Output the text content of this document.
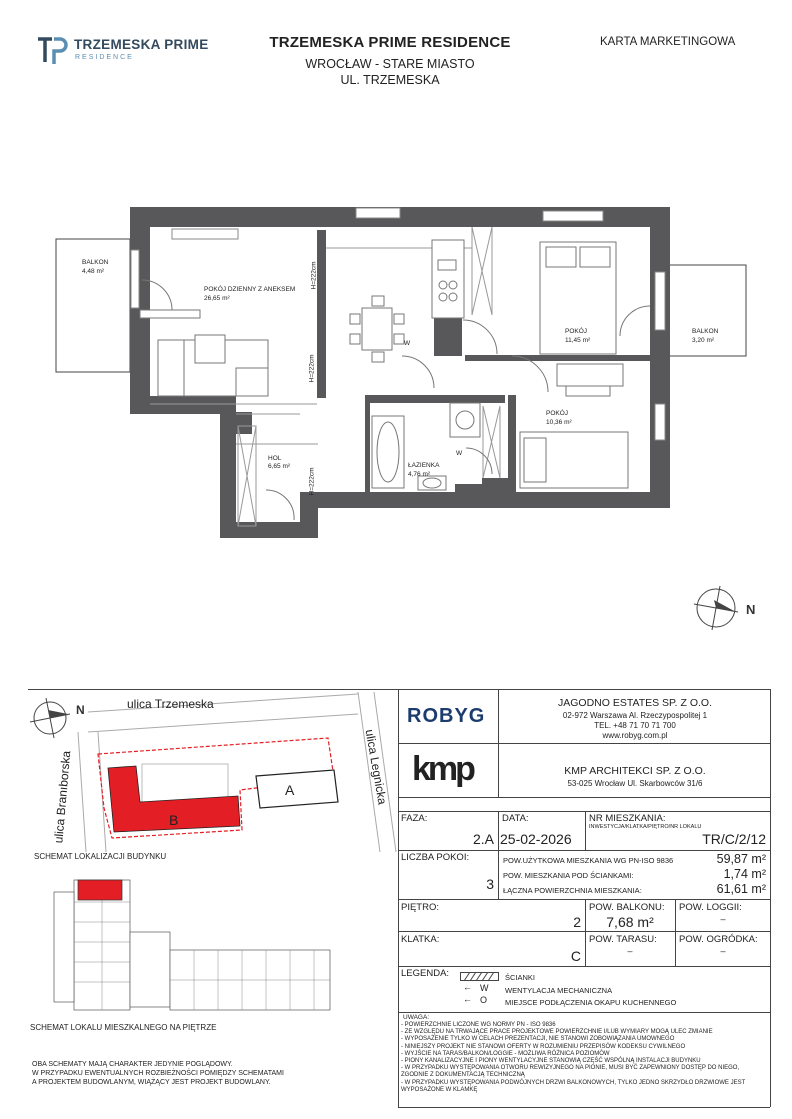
TRZEMESKA PRIME
RESIDENCE
TRZEMESKA PRIME RESIDENCE
WROCŁAW - STARE MIASTO
UL. TRZEMESKA
KARTA MARKETINGOWA
N
BALKON
4,48 m²
POKÓJ DZIENNY Z ANEKSEM
26,65 m²
H=222cm
H=222cm
H=222cm
POKÓJ
11,45 m²
POKÓJ
10,36 m²
BALKON
3,20 m²
HOL
6,65 m²	ŁAZIENKA
4,76 m²
W
W
N	ulica Trzemeska
ulica Branıborska	ulica Legnicka
A
B
SCHEMAT LOKALIZACJI BUDYNKU
SCHEMAT LOKALU MIESZKALNEGO NA PIĘTRZE
OBA SCHEMATY MAJĄ CHARAKTER JEDYNIE POGLĄDOWY.
W PRZYPADKU EWENTUALNYCH ROZBIEŻNOŚCI POMIĘDZY SCHEMATAMI
A PROJEKTEM BUDOWLANYM, WIĄŻĄCY JEST PROJEKT BUDOWLANY.
ROBYG
JAGODNO ESTATES SP. Z O.O.
02-972 Warszawa Al. Rzeczypospolitej 1
TEL. +48 71 70 71 700
www.robyg.com.pl
kmp	KMP ARCHITEKCI SP. Z O.O.
53-025 Wrocław Ul. Skarbowców 31/6
FAZA:
2.A
DATA:
25-02-2026
NR MIESZKANIA:
INWESTYCJA/KLATKA/PIĘTRO/NR LOKALU
TR/C/2/12
LICZBA POKOI:
3
POW.UŻYTKOWA MIESZKANIA WG PN-ISO 9836	59,87 m²
POW. MIESZKANIA POD ŚCIANKAMI:	1,74 m²
ŁĄCZNA POWIERZCHNIA MIESZKANIA:	61,61 m²
PIĘTRO:
2
POW. BALKONU:
7,68 m²
POW. LOGGII:
–
KLATKA:
C
POW. TARASU:
–
POW. OGRÓDKA:
–
LEGENDA:	ŚCIANKI
← W WENTYLACJA MECHANICZNA
← O MIEJSCE PODŁĄCZENIA OKAPU KUCHENNEGO
UWAGA:
- POWIERZCHNIE LICZONE WG NORMY PN - ISO 9836
- ZE WZGLĘDU NA TRWAJĄCE PRACE PROJEKTOWE POWIERZCHNIE I/LUB WYMIARY MOGĄ ULEC ZMIANIE
- WYPOSAŻENIE TYLKO W CELACH PREZENTACJI, NIE STANOWI ZOBOWIĄZANIA UMOWNEGO
- NINIEJSZY PROJEKT NIE STANOWI OFERTY W ROZUMIENIU PRZEPISÓW KODEKSU CYWILNEGO
- WYJŚCIE NA TARAS/BALKON/LOGGIE - MOŻLIWA RÓŻNICA POZIOMÓW
- PIONY KANALIZACYJNE I PIONY WENTYLACYJNE STANOWIĄ CZĘŚĆ WSPÓLNĄ INSTALACJI BUDYNKU
- W PRZYPADKU WYSTĘPOWANIA OTWORU REWIZYJNEGO NA PIONIE, MUSI BYĆ ZAPEWNIONY DOSTĘP DO NIEGO,
ZGODNIE Z DOKUMENTACJĄ TECHNICZNĄ
- W PRZYPADKU WYSTĘPOWANIA PODWÓJNYCH DRZWI BALKONOWYCH, TYLKO JEDNO SKRZYDŁO DRZWIOWE JEST
WYPOSAŻONE W KLAMKĘ
